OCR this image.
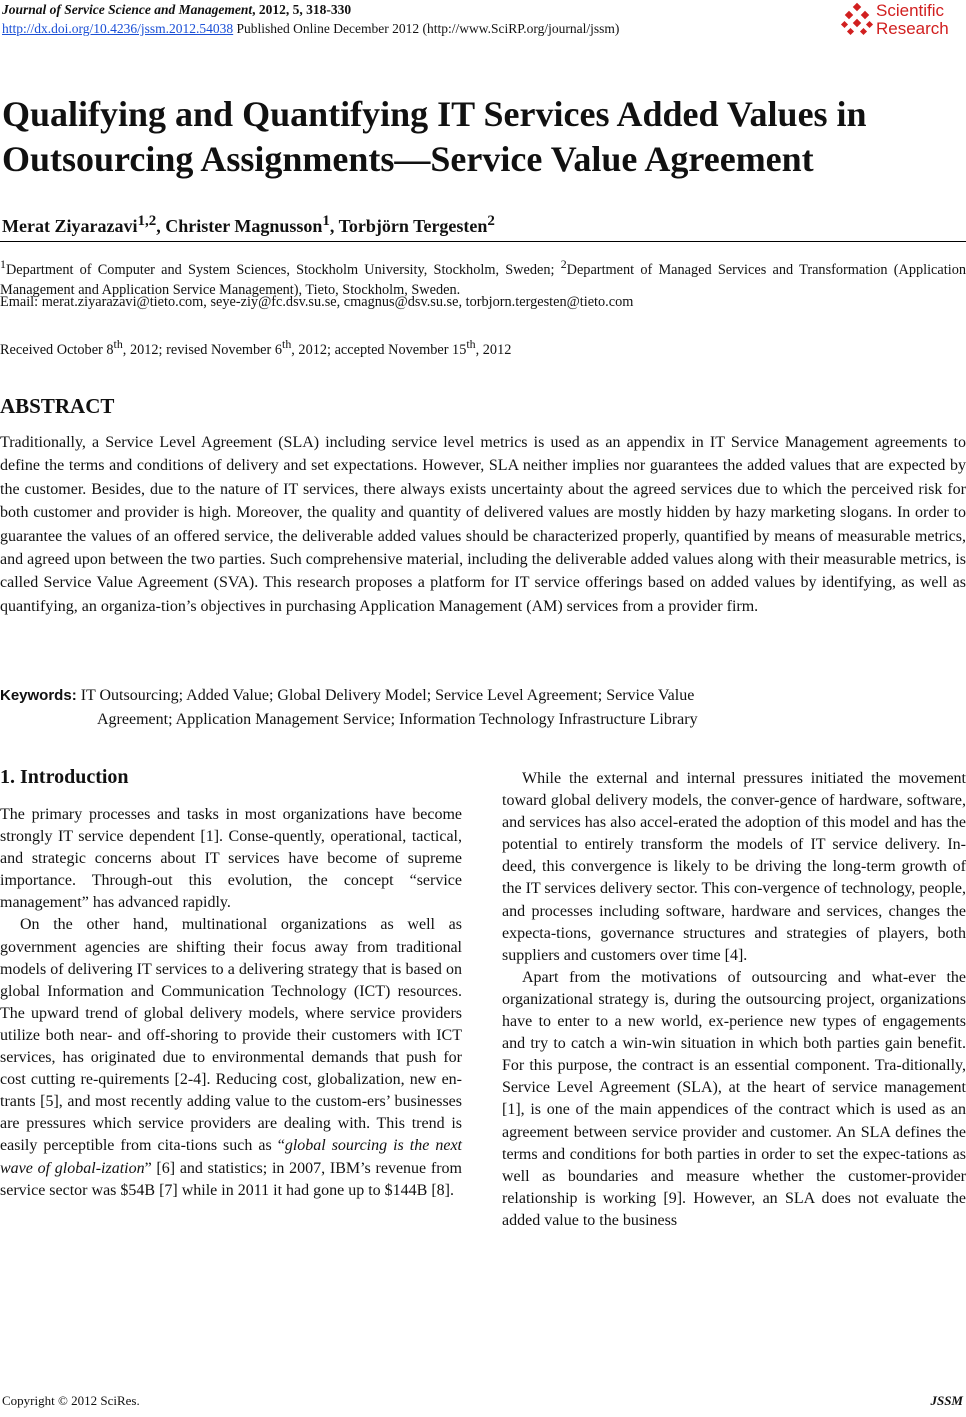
Journal of Service Science and Management, 2012, 5, 318-330
http://dx.doi.org/10.4236/jssm.2012.54038 Published Online December 2012 (http://www.SciRP.org/journal/jssm)
Scientific
Research
Qualifying and Quantifying IT Services Added Values in Outsourcing Assignments—Service Value Agreement
Merat Ziyarazavi$^{1,2}$, Christer Magnusson$^1$, Torbjörn Tergesten$^2$
$^1$Department of Computer and System Sciences, Stockholm University, Stockholm, Sweden; $^2$Department of Managed Services and Transformation (Application Management and Application Service Management), Tieto, Stockholm, Sweden.
Email: merat.ziyarazavi@tieto.com, seye-ziy@fc.dsv.su.se, cmagnus@dsv.su.se, torbjorn.tergesten@tieto.com
Received October 8th, 2012; revised November 6th, 2012; accepted November 15th, 2012
ABSTRACT
Traditionally, a Service Level Agreement (SLA) including service level metrics is used as an appendix in IT Service Management agreements to define the terms and conditions of delivery and set expectations. However, SLA neither implies nor guarantees the added values that are expected by the customer. Besides, due to the nature of IT services, there always exists uncertainty about the agreed services due to which the perceived risk for both customer and provider is high. Moreover, the quality and quantity of delivered values are mostly hidden by hazy marketing slogans. In order to guarantee the values of an offered service, the deliverable added values should be characterized properly, quantified by means of measurable metrics, and agreed upon between the two parties. Such comprehensive material, including the deliverable added values along with their measurable metrics, is called Service Value Agreement (SVA). This research proposes a platform for IT service offerings based on added values by identifying, as well as quantifying, an organiza-tion’s objectives in purchasing Application Management (AM) services from a provider firm.
Keywords: IT Outsourcing; Added Value; Global Delivery Model; Service Level Agreement; Service Value
Agreement; Application Management Service; Information Technology Infrastructure Library
1. Introduction

The primary processes and tasks in most organizations have become strongly IT service dependent [1]. Conse-quently, operational, tactical, and strategic concerns about IT services have become of supreme importance. Through-out this evolution, the concept “service management” has advanced rapidly.

On the other hand, multinational organizations as well as government agencies are shifting their focus away from traditional models of delivering IT services to a delivering strategy that is based on global Information and Communication Technology (ICT) resources. The upward trend of global delivery models, where service providers utilize both near- and off-shoring to provide their customers with ICT services, has originated due to environmental demands that push for cost cutting re-quirements [2-4]. Reducing cost, globalization, new en-trants [5], and most recently adding value to the custom-ers’ businesses are pressures which service providers are dealing with. This trend is easily perceptible from cita-tions such as “global sourcing is the next wave of global-ization” [6] and statistics; in 2007, IBM’s revenue from service sector was $54B [7] while in 2011 it had gone up to $144B [8].

While the external and internal pressures initiated the movement toward global delivery models, the conver-gence of hardware, software, and services has also accel-erated the adoption of this model and has the potential to entirely transform the models of IT service delivery. In-deed, this convergence is likely to be driving the long-term growth of the IT services delivery sector. This con-vergence of technology, people, and processes including software, hardware and services, changes the expecta-tions, governance structures and strategies of players, both suppliers and customers over time [4].

Apart from the motivations of outsourcing and what-ever the organizational strategy is, during the outsourcing project, organizations have to enter to a new world, ex-perience new types of engagements and try to catch a win-win situation in which both parties gain benefit. For this purpose, the contract is an essential component. Tra-ditionally, Service Level Agreement (SLA), at the heart of service management [1], is one of the main appendices of the contract which is used as an agreement between service provider and customer. An SLA defines the terms and conditions for both parties in order to set the expec-tations as well as boundaries and measure whether the customer-provider relationship is working [9]. However, an SLA does not evaluate the added value to the business

Copyright © 2012 SciRes.	JSSM
